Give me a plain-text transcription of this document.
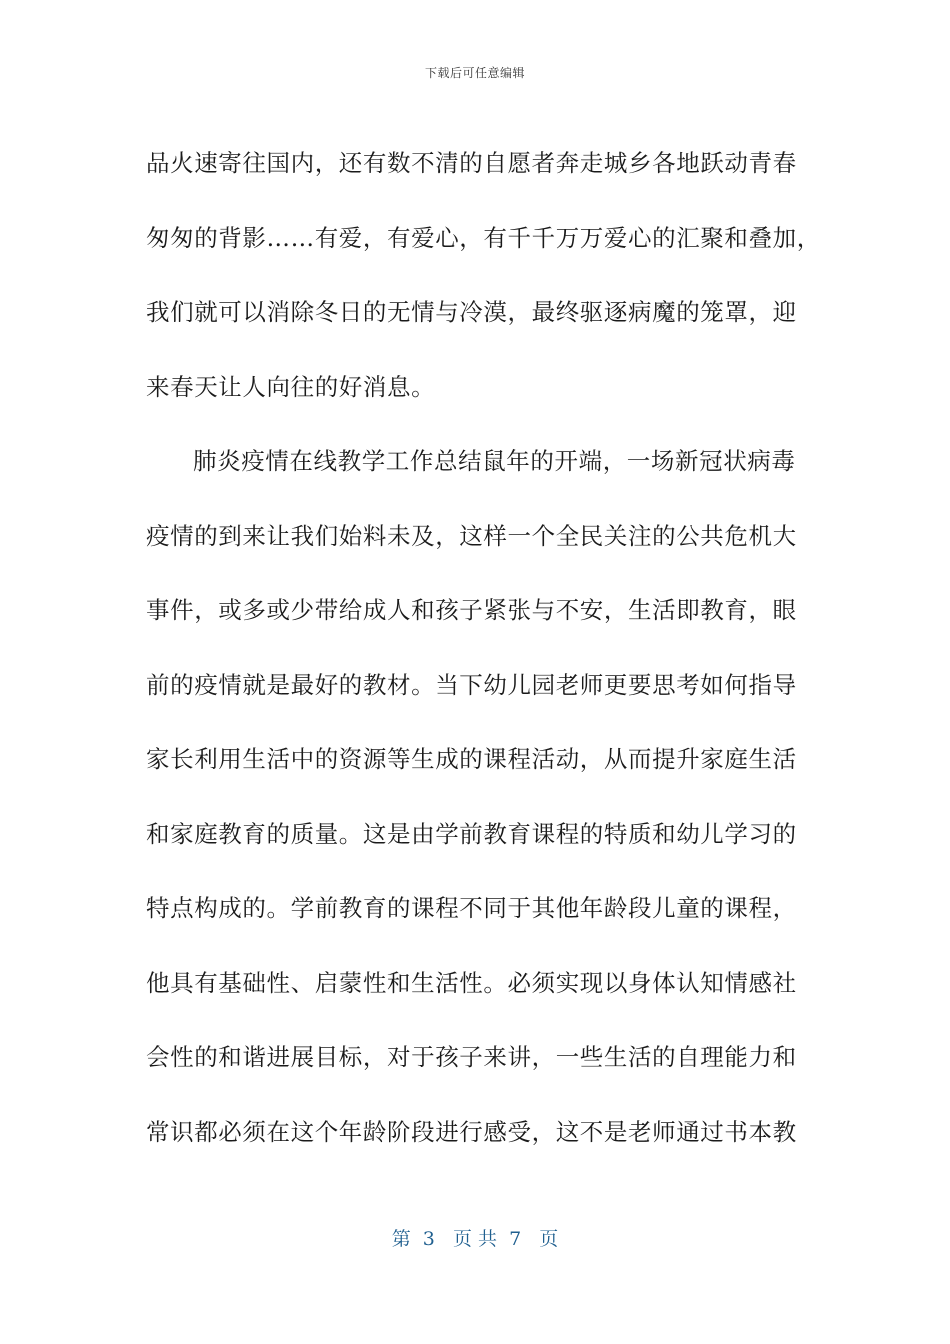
下载后可任意编辑
品火速寄往国内，还有数不清的自愿者奔走城乡各地跃动青春
匆匆的背影……有爱，有爱心，有千千万万爱心的汇聚和叠加，
我们就可以消除冬日的无情与冷漠，最终驱逐病魔的笼罩，迎
来春天让人向往的好消息。
肺炎疫情在线教学工作总结鼠年的开端，一场新冠状病毒
疫情的到来让我们始料未及，这样一个全民关注的公共危机大
事件，或多或少带给成人和孩子紧张与不安，生活即教育，眼
前的疫情就是最好的教材。当下幼儿园老师更要思考如何指导
家长利用生活中的资源等生成的课程活动，从而提升家庭生活
和家庭教育的质量。这是由学前教育课程的特质和幼儿学习的
特点构成的。学前教育的课程不同于其他年龄段儿童的课程，
他具有基础性、启蒙性和生活性。必须实现以身体认知情感社
会性的和谐进展目标，对于孩子来讲，一些生活的自理能力和
常识都必须在这个年龄阶段进行感受，这不是老师通过书本教
第  3   页 共  7   页
